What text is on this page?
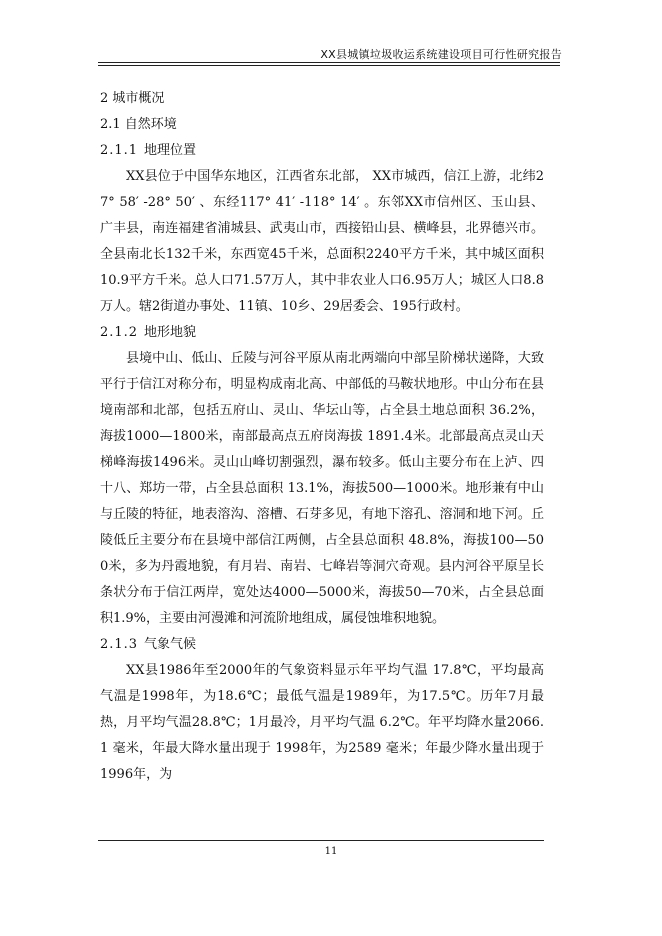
XX县城镇垃圾收运系统建设项目可行性研究报告

2 城市概况

2.1 自然环境

2.1.1 地理位置

XX县位于中国华东地区，江西省东北部， XX市城西，信江上游，北纬27° 58′ -28° 50′ 、东经117° 41′ -118° 14′ 。东邻XX市信州区、玉山县、广丰县，南连福建省浦城县、武夷山市，西接铅山县、横峰县，北界德兴市。全县南北长132千米，东西宽45千米，总面积2240平方千米，其中城区面积10.9平方千米。总人口71.57万人，其中非农业人口6.95万人；城区人口8.8万人。辖2街道办事处、11镇、10乡、29居委会、195行政村。

2.1.2 地形地貌

县境中山、低山、丘陵与河谷平原从南北两端向中部呈阶梯状递降，大致平行于信江对称分布，明显构成南北高、中部低的马鞍状地形。中山分布在县境南部和北部，包括五府山、灵山、华坛山等，占全县土地总面积 36.2%， 海拔1000—1800米，南部最高点五府岗海拔 1891.4米。北部最高点灵山天梯峰海拔1496米。灵山山峰切割强烈，瀑布较多。低山主要分布在上泸、四十八、郑坊一带，占全县总面积 13.1%，海拔500—1000米。地形兼有中山与丘陵的特征，地表溶沟、溶槽、石芽多见，有地下溶孔、溶洞和地下河。丘陵低丘主要分布在县境中部信江两侧，占全县总面积 48.8%，海拔100—500米，多为丹霞地貌，有月岩、南岩、七峰岩等洞穴奇观。县内河谷平原呈长条状分布于信江两岸，宽处达4000—5000米，海拔50—70米，占全县总面积1.9%，主要由河漫滩和河流阶地组成，属侵蚀堆积地貌。

2.1.3 气象气候

XX县1986年至2000年的气象资料显示年平均气温 17.8℃，平均最高气温是1998年，为18.6℃；最低气温是1989年，为17.5℃。历年7月最热，月平均气温28.8℃；1月最冷，月平均气温 6.2℃。年平均降水量2066.1 毫米，年最大降水量出现于 1998年，为2589 毫米；年最少降水量出现于 1996年，为

11
